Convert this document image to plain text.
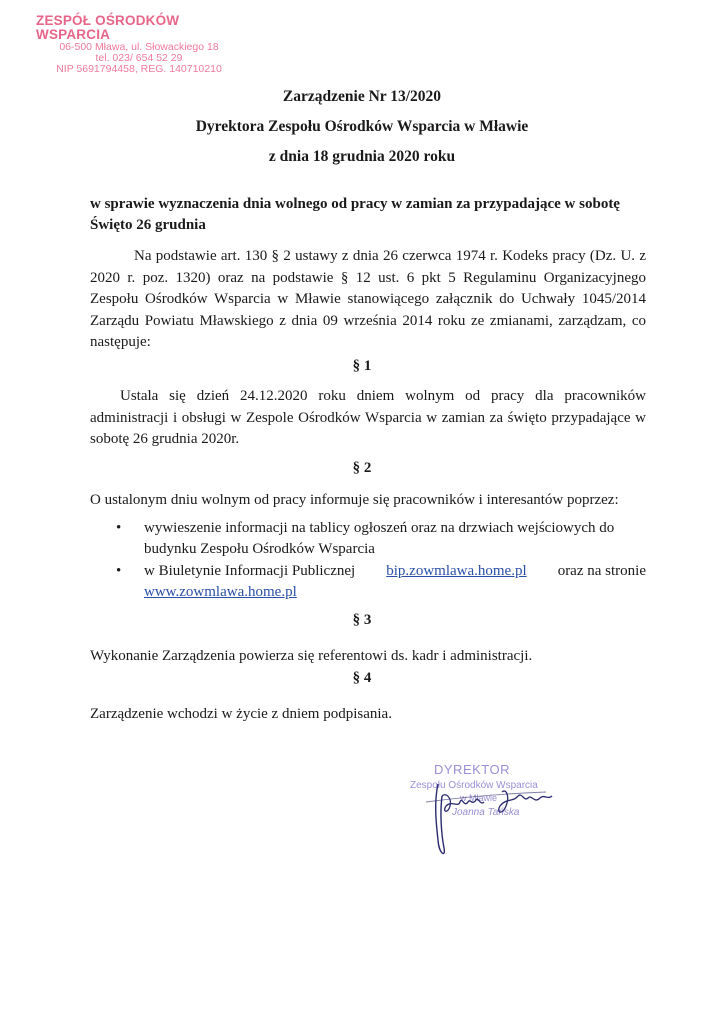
ZESPÓŁ OŚRODKÓW WSPARCIA
06-500 Mława, ul. Słowackiego 18
tel. 023/ 654 52 29
NIP 5691794458, REG. 140710210
Zarządzenie Nr 13/2020
Dyrektora Zespołu Ośrodków Wsparcia w Mławie
z dnia 18 grudnia 2020 roku
w sprawie wyznaczenia dnia wolnego od pracy w zamian za przypadające w sobotę
Święto 26 grudnia
Na podstawie art. 130 § 2 ustawy z dnia 26 czerwca 1974 r. Kodeks pracy (Dz. U. z 2020 r. poz. 1320) oraz na podstawie § 12 ust. 6 pkt 5 Regulaminu Organizacyjnego Zespołu Ośrodków Wsparcia w Mławie stanowiącego załącznik do Uchwały 1045/2014 Zarządu Powiatu Mławskiego z dnia 09 września 2014 roku ze zmianami, zarządzam, co następuje:
§ 1
Ustala się dzień 24.12.2020 roku dniem wolnym od pracy dla pracowników administracji i obsługi w Zespole Ośrodków Wsparcia w zamian za święto przypadające w sobotę 26 grudnia 2020r.
§ 2
O ustalonym dniu wolnym od pracy informuje się pracowników i interesantów poprzez:
• wywieszenie informacji na tablicy ogłoszeń oraz na drzwiach wejściowych do budynku Zespołu Ośrodków Wsparcia
• w Biuletynie Informacji Publicznej bip.zowmlawa.home.pl oraz na stronie
www.zowmlawa.home.pl
§ 3
Wykonanie Zarządzenia powierza się referentowi ds. kadr i administracji.
§ 4
Zarządzenie wchodzi w życie z dniem podpisania.
DYREKTOR
Zespołu Ośrodków Wsparcia
w Mławie
Joanna Tańska
